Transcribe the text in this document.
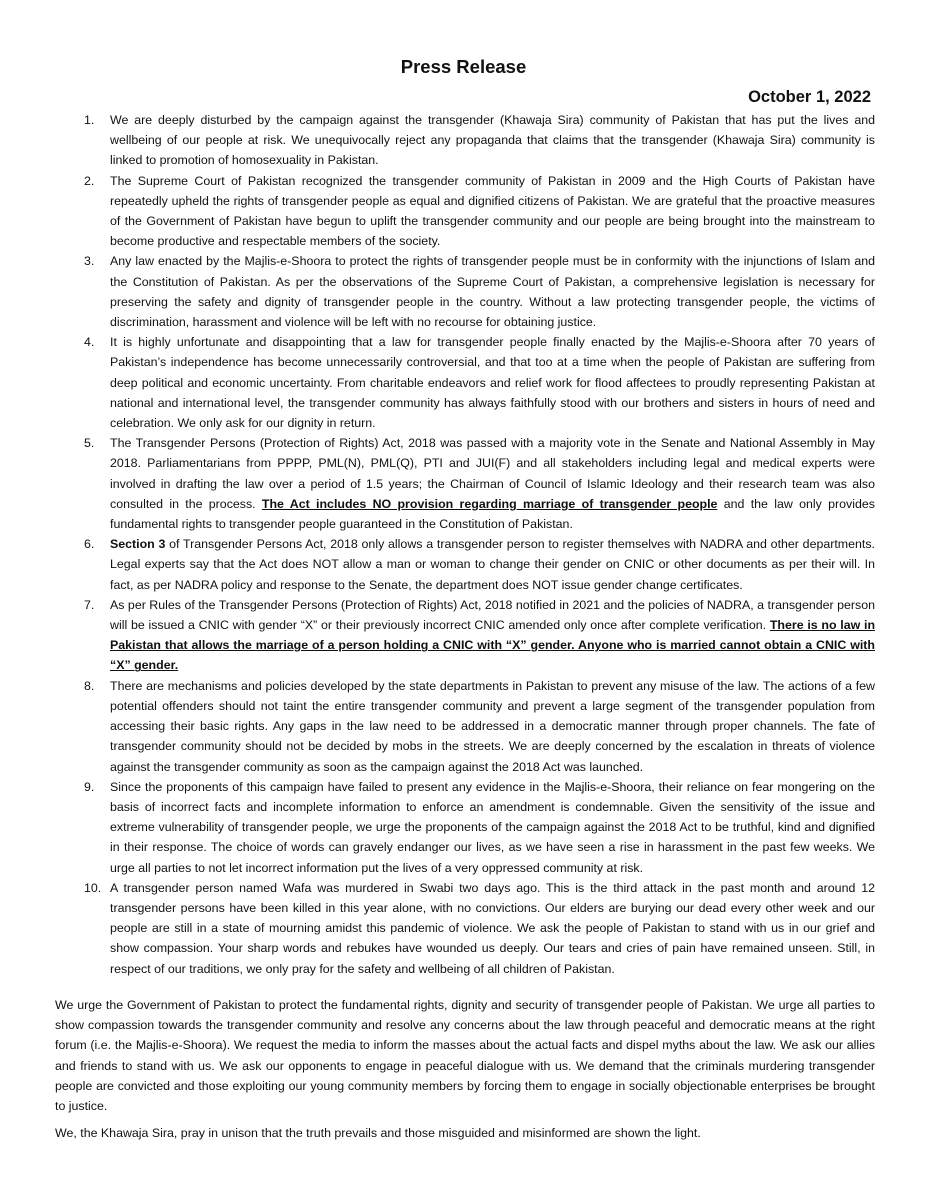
Press Release

October 1, 2022

1. We are deeply disturbed by the campaign against the transgender (Khawaja Sira) community of Pakistan that has put the lives and wellbeing of our people at risk. We unequivocally reject any propaganda that claims that the transgender (Khawaja Sira) community is linked to promotion of homosexuality in Pakistan.
2. The Supreme Court of Pakistan recognized the transgender community of Pakistan in 2009 and the High Courts of Pakistan have repeatedly upheld the rights of transgender people as equal and dignified citizens of Pakistan. We are grateful that the proactive measures of the Government of Pakistan have begun to uplift the transgender community and our people are being brought into the mainstream to become productive and respectable members of the society.
3. Any law enacted by the Majlis-e-Shoora to protect the rights of transgender people must be in conformity with the injunctions of Islam and the Constitution of Pakistan. As per the observations of the Supreme Court of Pakistan, a comprehensive legislation is necessary for preserving the safety and dignity of transgender people in the country. Without a law protecting transgender people, the victims of discrimination, harassment and violence will be left with no recourse for obtaining justice.
4. It is highly unfortunate and disappointing that a law for transgender people finally enacted by the Majlis-e-Shoora after 70 years of Pakistan’s independence has become unnecessarily controversial, and that too at a time when the people of Pakistan are suffering from deep political and economic uncertainty. From charitable endeavors and relief work for flood affectees to proudly representing Pakistan at national and international level, the transgender community has always faithfully stood with our brothers and sisters in hours of need and celebration. We only ask for our dignity in return.
5. The Transgender Persons (Protection of Rights) Act, 2018 was passed with a majority vote in the Senate and National Assembly in May 2018. Parliamentarians from PPPP, PML(N), PML(Q), PTI and JUI(F) and all stakeholders including legal and medical experts were involved in drafting the law over a period of 1.5 years; the Chairman of Council of Islamic Ideology and their research team was also consulted in the process. The Act includes NO provision regarding marriage of transgender people and the law only provides fundamental rights to transgender people guaranteed in the Constitution of Pakistan.
6. Section 3 of Transgender Persons Act, 2018 only allows a transgender person to register themselves with NADRA and other departments. Legal experts say that the Act does NOT allow a man or woman to change their gender on CNIC or other documents as per their will. In fact, as per NADRA policy and response to the Senate, the department does NOT issue gender change certificates.
7. As per Rules of the Transgender Persons (Protection of Rights) Act, 2018 notified in 2021 and the policies of NADRA, a transgender person will be issued a CNIC with gender “X” or their previously incorrect CNIC amended only once after complete verification. There is no law in Pakistan that allows the marriage of a person holding a CNIC with “X” gender. Anyone who is married cannot obtain a CNIC with “X” gender.
8. There are mechanisms and policies developed by the state departments in Pakistan to prevent any misuse of the law. The actions of a few potential offenders should not taint the entire transgender community and prevent a large segment of the transgender population from accessing their basic rights. Any gaps in the law need to be addressed in a democratic manner through proper channels. The fate of transgender community should not be decided by mobs in the streets. We are deeply concerned by the escalation in threats of violence against the transgender community as soon as the campaign against the 2018 Act was launched.
9. Since the proponents of this campaign have failed to present any evidence in the Majlis-e-Shoora, their reliance on fear mongering on the basis of incorrect facts and incomplete information to enforce an amendment is condemnable. Given the sensitivity of the issue and extreme vulnerability of transgender people, we urge the proponents of the campaign against the 2018 Act to be truthful, kind and dignified in their response. The choice of words can gravely endanger our lives, as we have seen a rise in harassment in the past few weeks. We urge all parties to not let incorrect information put the lives of a very oppressed community at risk.
10. A transgender person named Wafa was murdered in Swabi two days ago. This is the third attack in the past month and around 12 transgender persons have been killed in this year alone, with no convictions. Our elders are burying our dead every other week and our people are still in a state of mourning amidst this pandemic of violence. We ask the people of Pakistan to stand with us in our grief and show compassion. Your sharp words and rebukes have wounded us deeply. Our tears and cries of pain have remained unseen. Still, in respect of our traditions, we only pray for the safety and wellbeing of all children of Pakistan.

We urge the Government of Pakistan to protect the fundamental rights, dignity and security of transgender people of Pakistan. We urge all parties to show compassion towards the transgender community and resolve any concerns about the law through peaceful and democratic means at the right forum (i.e. the Majlis-e-Shoora). We request the media to inform the masses about the actual facts and dispel myths about the law. We ask our allies and friends to stand with us. We ask our opponents to engage in peaceful dialogue with us. We demand that the criminals murdering transgender people are convicted and those exploiting our young community members by forcing them to engage in socially objectionable enterprises be brought to justice.

We, the Khawaja Sira, pray in unison that the truth prevails and those misguided and misinformed are shown the light.
